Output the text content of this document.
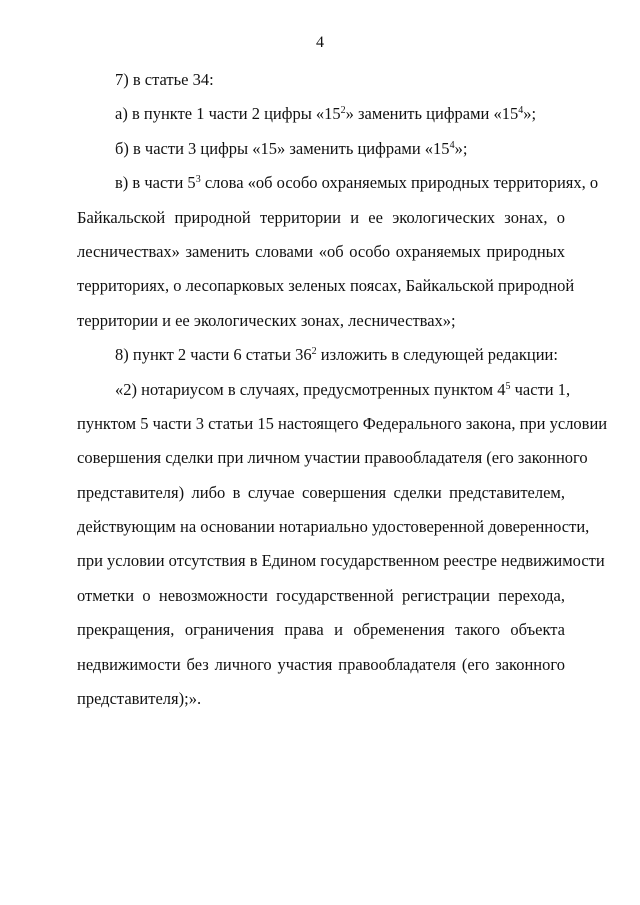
4
7) в статье 34:
а) в пункте 1 части 2 цифры «$15^2$» заменить цифрами «$15^4$»;
б) в части 3 цифры «15» заменить цифрами «$15^4$»;
в) в части $5^3$ слова «об особо охраняемых природных территориях, о
Байкальской природной территории и ее экологических зонах, о
лесничествах» заменить словами «об особо охраняемых природных
территориях, о лесопарковых зеленых поясах, Байкальской природной
территории и ее экологических зонах, лесничествах»;
8) пункт 2 части 6 статьи $36^2$ изложить в следующей редакции:
«2) нотариусом в случаях, предусмотренных пунктом $4^5$ части 1,
пунктом 5 части 3 статьи 15 настоящего Федерального закона, при условии
совершения сделки при личном участии правообладателя (его законного
представителя) либо в случае совершения сделки представителем,
действующим на основании нотариально удостоверенной доверенности,
при условии отсутствия в Едином государственном реестре недвижимости
отметки о невозможности государственной регистрации перехода,
прекращения, ограничения права и обременения такого объекта
недвижимости без личного участия правообладателя (его законного
представителя);».
